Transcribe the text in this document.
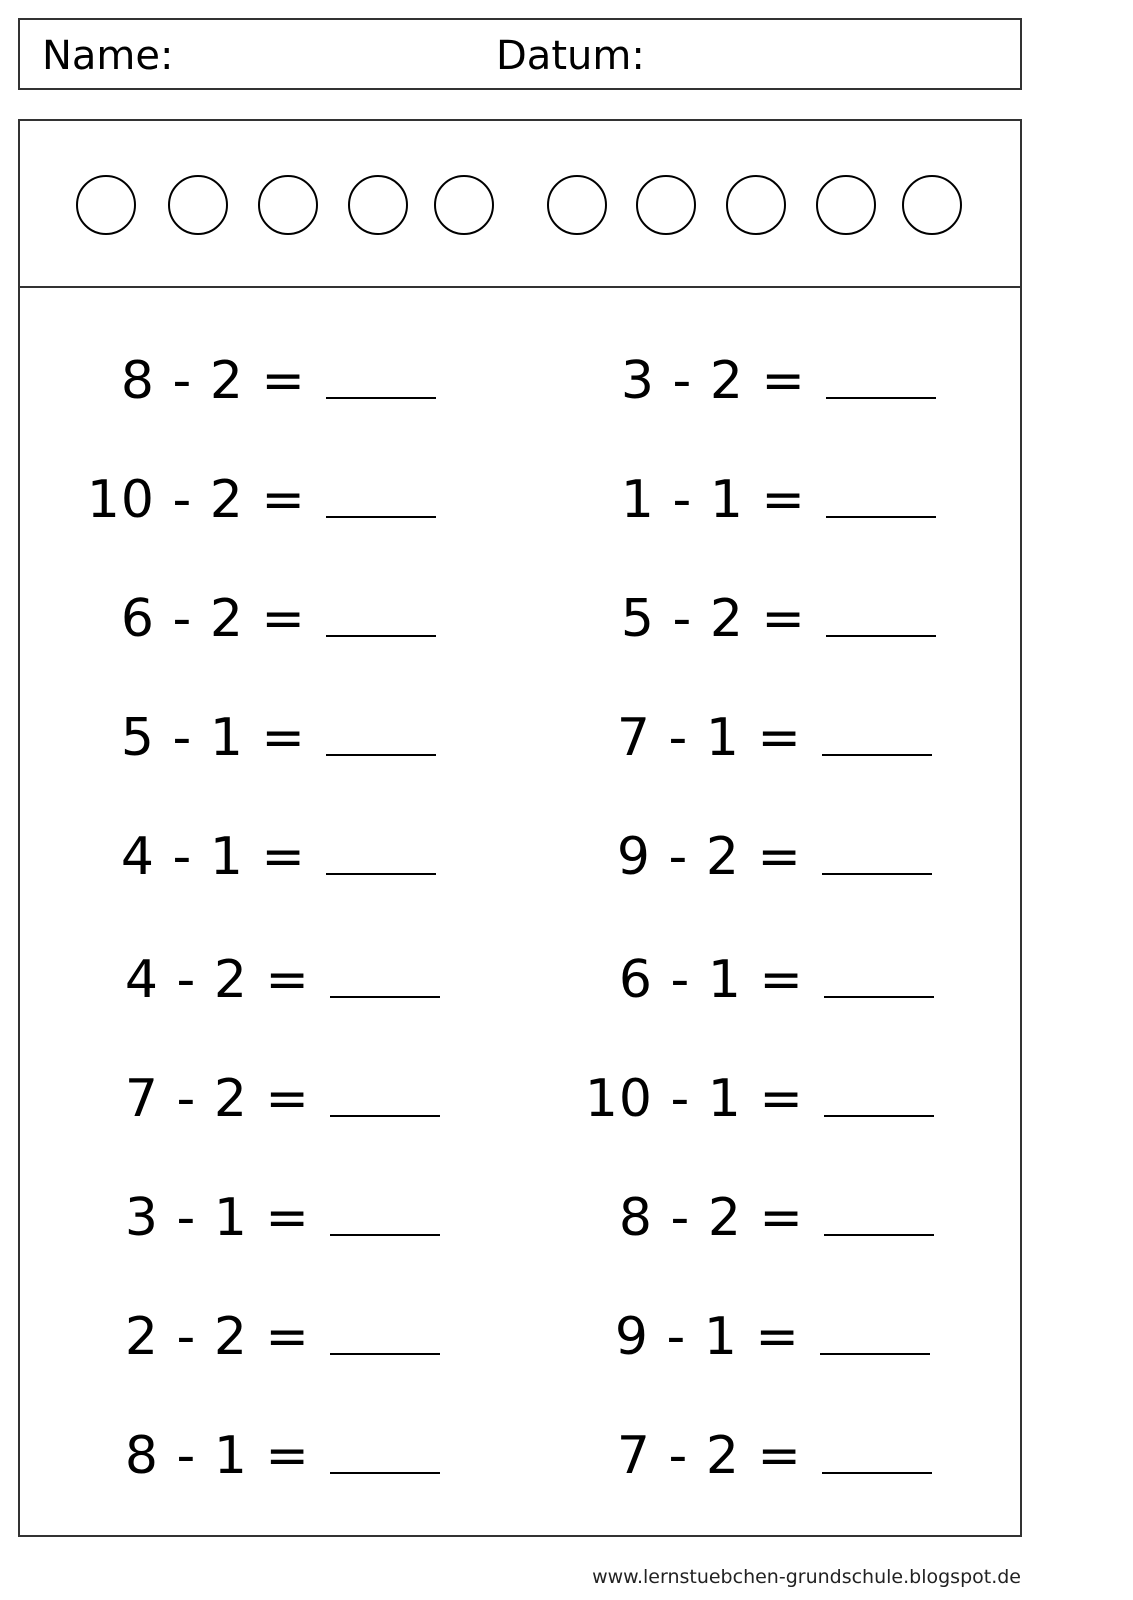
Name:	Datum:
8 - 2 =
10 - 2 =
6 - 2 =
5 - 1 =
4 - 1 =
4 - 2 =
7 - 2 =
3 - 1 =
2 - 2 =
8 - 1 =
3 - 2 =
1 - 1 =
5 - 2 =
7 - 1 =
9 - 2 =
6 - 1 =
10 - 1 =
8 - 2 =
9 - 1 =
7 - 2 =
www.lernstuebchen-grundschule.blogspot.de
